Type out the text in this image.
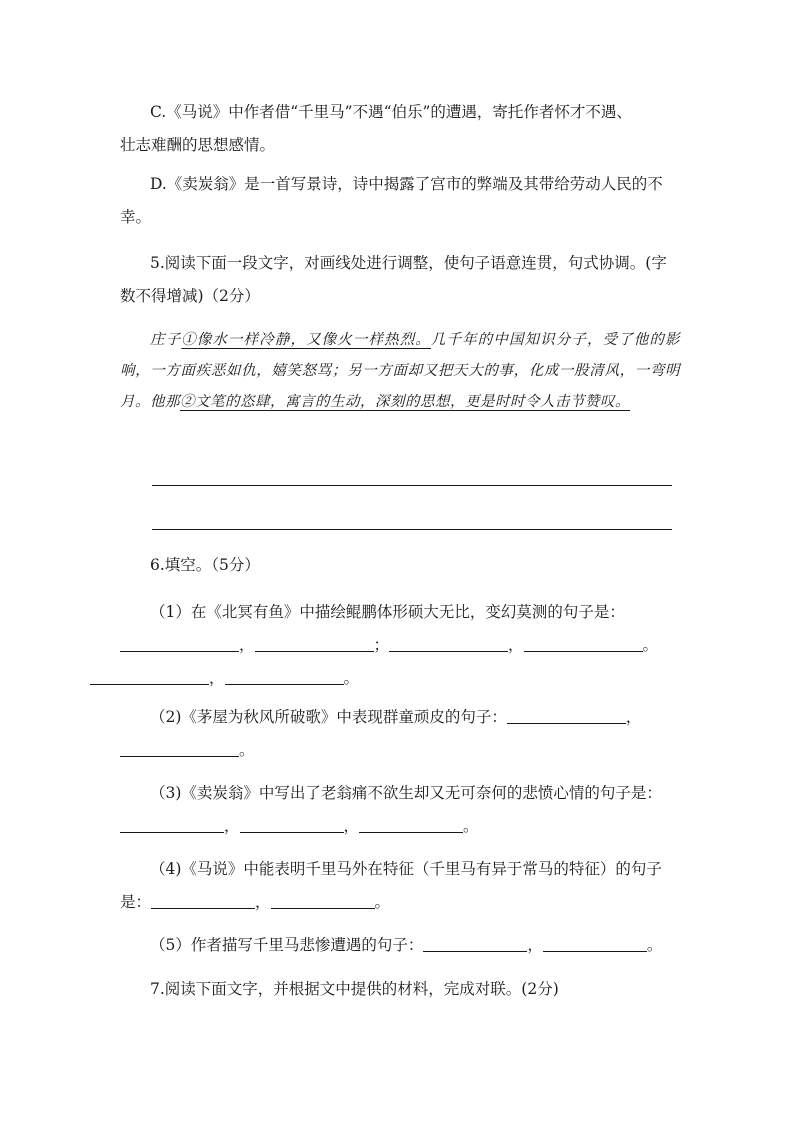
C.《马说》中作者借“千里马”不遇“伯乐”的遭遇，寄托作者怀才不遇、
壮志难酬的思想感情。

D.《卖炭翁》是一首写景诗，诗中揭露了宫市的弊端及其带给劳动人民的不
幸。

5.阅读下面一段文字，对画线处进行调整，使句子语意连贯，句式协调。(字
数不得增减)（2分）

庄子①像水一样冷静，又像火一样热烈。几千年的中国知识分子，受了他的影响，一方面疾恶如仇，嬉笑怒骂；另一方面却又把天大的事，化成一股清风，一弯明月。他那②文笔的恣肆，寓言的生动，深刻的思想，更是时时令人击节赞叹。

6.填空。（5分）

（1）在《北冥有鱼》中描绘鲲鹏体形硕大无比，变幻莫测的句子是：
，	；	，	。
，	。

（2)《茅屋为秋风所破歌》中表现群童顽皮的句子：	，
。

（3)《卖炭翁》中写出了老翁痛不欲生却又无可奈何的悲愤心情的句子是：
，	，	。

（4)《马说》中能表明千里马外在特征（千里马有异于常马的特征）的句子
是：	，	。

（5）作者描写千里马悲惨遭遇的句子：	，	。

7.阅读下面文字，并根据文中提供的材料，完成对联。(2分)
